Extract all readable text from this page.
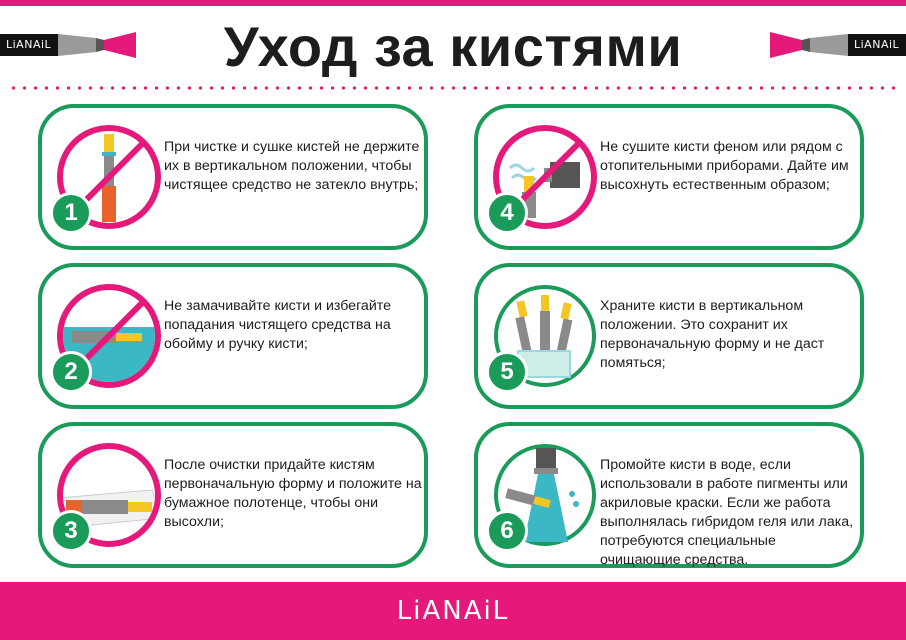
LiANAiL	LiANAiL
Уход за кистями
1
При чистке и сушке кистей не держите их в вертикальном положении, чтобы чистящее средство не затекло внутрь;
4
Не сушите кисти феном или рядом с отопительными приборами. Дайте им высохнуть естественным образом;
2
Не замачивайте кисти и избегайте попадания чистящего средства на обойму и ручку кисти;
5
Храните кисти в вертикальном положении. Это сохранит их первоначальную форму и не даст помяться;
3
После очистки придайте кистям первоначальную форму и положите на бумажное полотенце, чтобы они высохли;	6
Промойте кисти в воде, если использовали в работе пигменты или акриловые краски. Если же работа выполнялась гибридом геля или лака, потребуются специальные очищающие средства.
LiANAiL
